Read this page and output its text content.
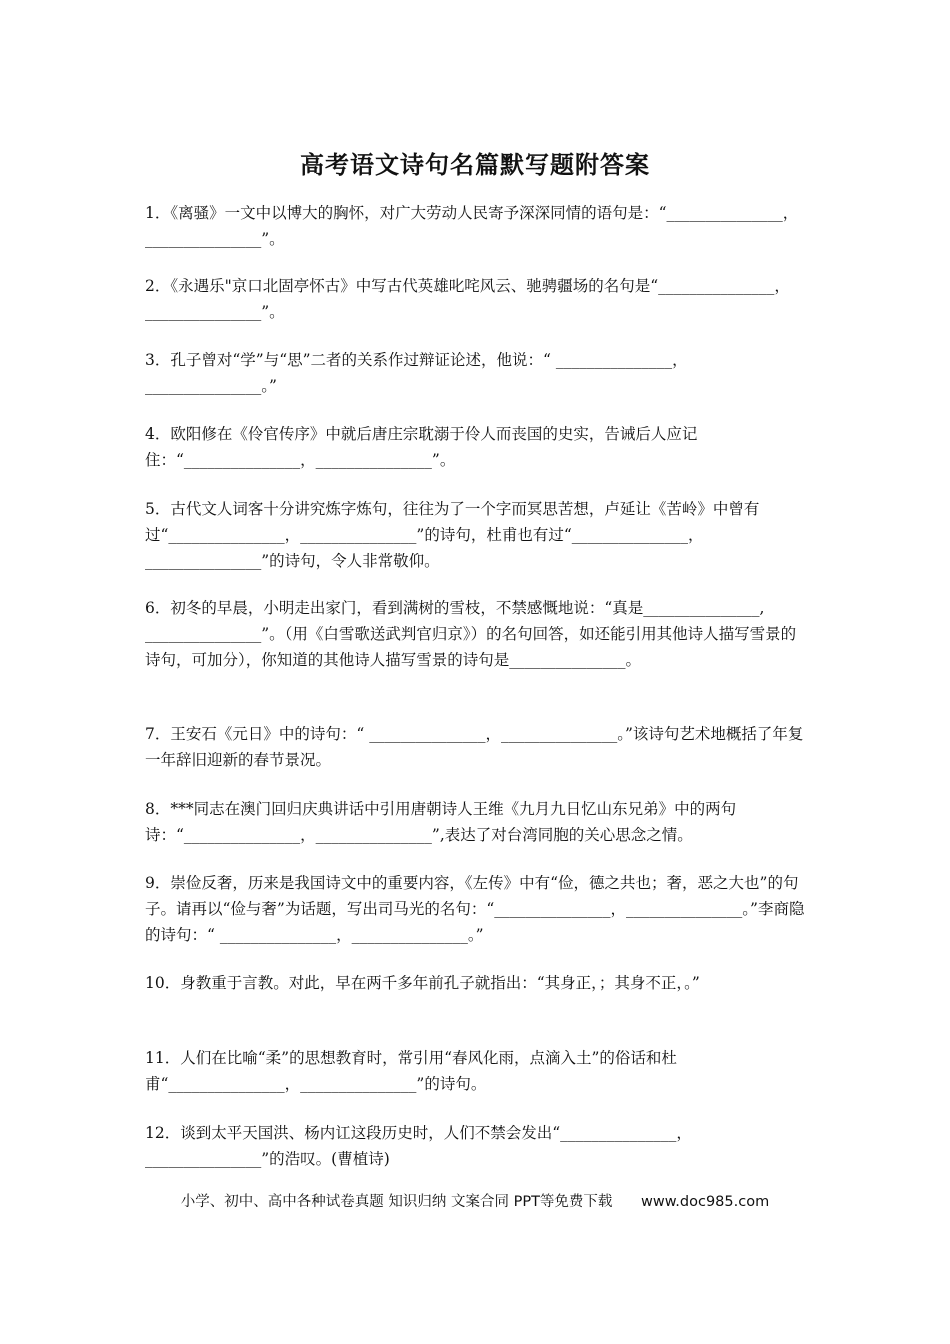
高考语文诗句名篇默写题附答案

1．《离骚》一文中以博大的胸怀，对广大劳动人民寄予深深同情的语句是：“_______________，_______________”。

2．《永遇乐"京口北固亭怀古》中写古代英雄叱咤风云、驰骋疆场的名句是“_______________，_______________”。

3．孔子曾对“学”与“思”二者的关系作过辩证论述，他说：“ _______________，_______________。”

4．欧阳修在《伶官传序》中就后唐庄宗耽溺于伶人而丧国的史实，告诫后人应记住：“_______________，_______________”。

5．古代文人词客十分讲究炼字炼句，往往为了一个字而冥思苦想，卢延让《苦岭》中曾有过“_______________，_______________”的诗句，杜甫也有过“_______________，_______________”的诗句，令人非常敬仰。

6．初冬的早晨，小明走出家门，看到满树的雪枝，不禁感慨地说：“真是_______________, _______________”。（用《白雪歌送武判官归京》）的名句回答，如还能引用其他诗人描写雪景的诗句，可加分），你知道的其他诗人描写雪景的诗句是_______________。

7．王安石《元日》中的诗句：“ _______________，_______________。”该诗句艺术地概括了年复一年辞旧迎新的春节景况。

8．***同志在澳门回归庆典讲话中引用唐朝诗人王维《九月九日忆山东兄弟》中的两句诗：“_______________，_______________”,表达了对台湾同胞的关心思念之情。

9．崇俭反奢，历来是我国诗文中的重要内容，《左传》中有“俭，德之共也；奢，恶之大也”的句子。请再以“俭与奢”为话题，写出司马光的名句：“_______________，_______________。”李商隐的诗句：“ _______________，_______________。”

10．身教重于言教。对此，早在两千多年前孔子就指出：“其身正，；其身不正，。”

11．人们在比喻“柔”的思想教育时，常引用“春风化雨，点滴入土”的俗话和杜甫“_______________，_______________”的诗句。

12．谈到太平天国洪、杨内讧这段历史时，人们不禁会发出“_______________，_______________”的浩叹。(曹植诗)

小学、初中、高中各种试卷真题 知识归纳 文案合同 PPT等免费下载 www.doc985.com
